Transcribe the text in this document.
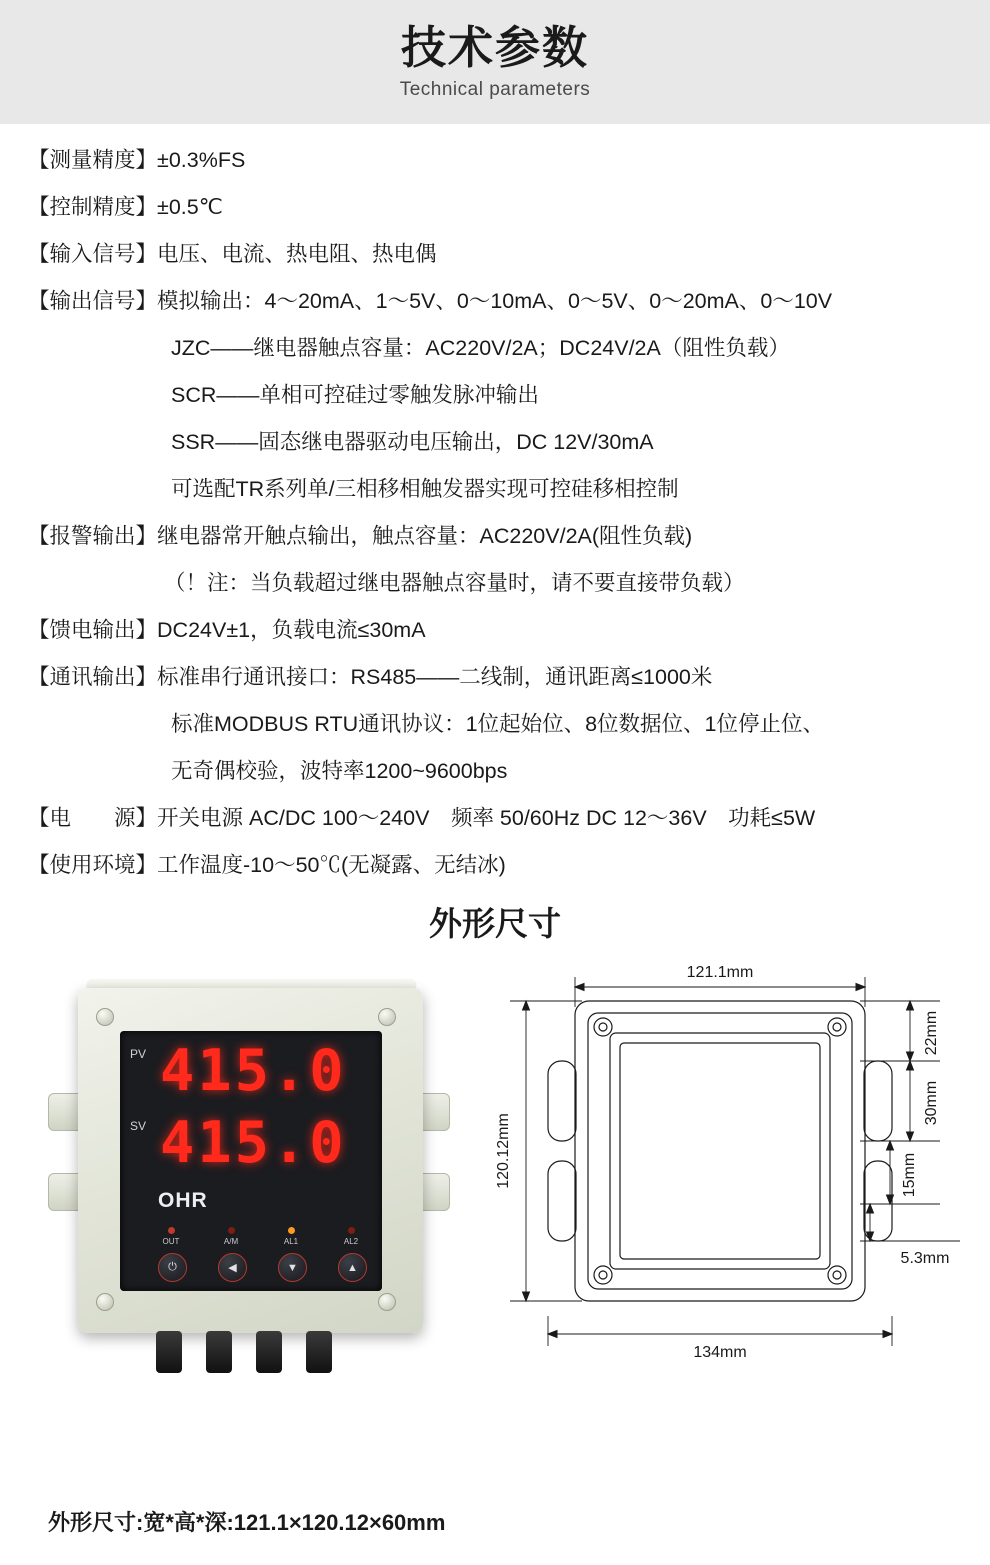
技术参数
Technical parameters
【测量精度】 ±0.3%FS
【控制精度】 ±0.5℃
【输入信号】 电压、电流、热电阻、热电偶
【输出信号】 模拟输出：4～20mA、1～5V、0～10mA、0～5V、0～20mA、0～10V
JZC——继电器触点容量：AC220V/2A；DC24V/2A（阻性负载）
SCR——单相可控硅过零触发脉冲输出
SSR——固态继电器驱动电压输出，DC 12V/30mA
可选配TR系列单/三相移相触发器实现可控硅移相控制
【报警输出】 继电器常开触点输出，触点容量：AC220V/2A(阻性负载)
（！注：当负载超过继电器触点容量时，请不要直接带负载）
【馈电输出】 DC24V±1，负载电流≤30mA
【通讯输出】 标准串行通讯接口：RS485——二线制，通讯距离≤1000米
标准MODBUS RTU通讯协议：1位起始位、8位数据位、1位停止位、
无奇偶校验，波特率1200~9600bps
【电　　源】 开关电源 AC/DC 100～240V　频率 50/60Hz DC 12～36V　功耗≤5W
【使用环境】 工作温度-10～50℃(无凝露、无结冰)
外形尺寸
PV 415.0
SV 415.0
OHR
OUT	A/M	AL1	AL2
⏻	◀	▼	▲
121.1mm
134mm
120.12mm
22mm
30mm
15mm
5.3mm
外形尺寸:宽*高*深:121.1×120.12×60mm
